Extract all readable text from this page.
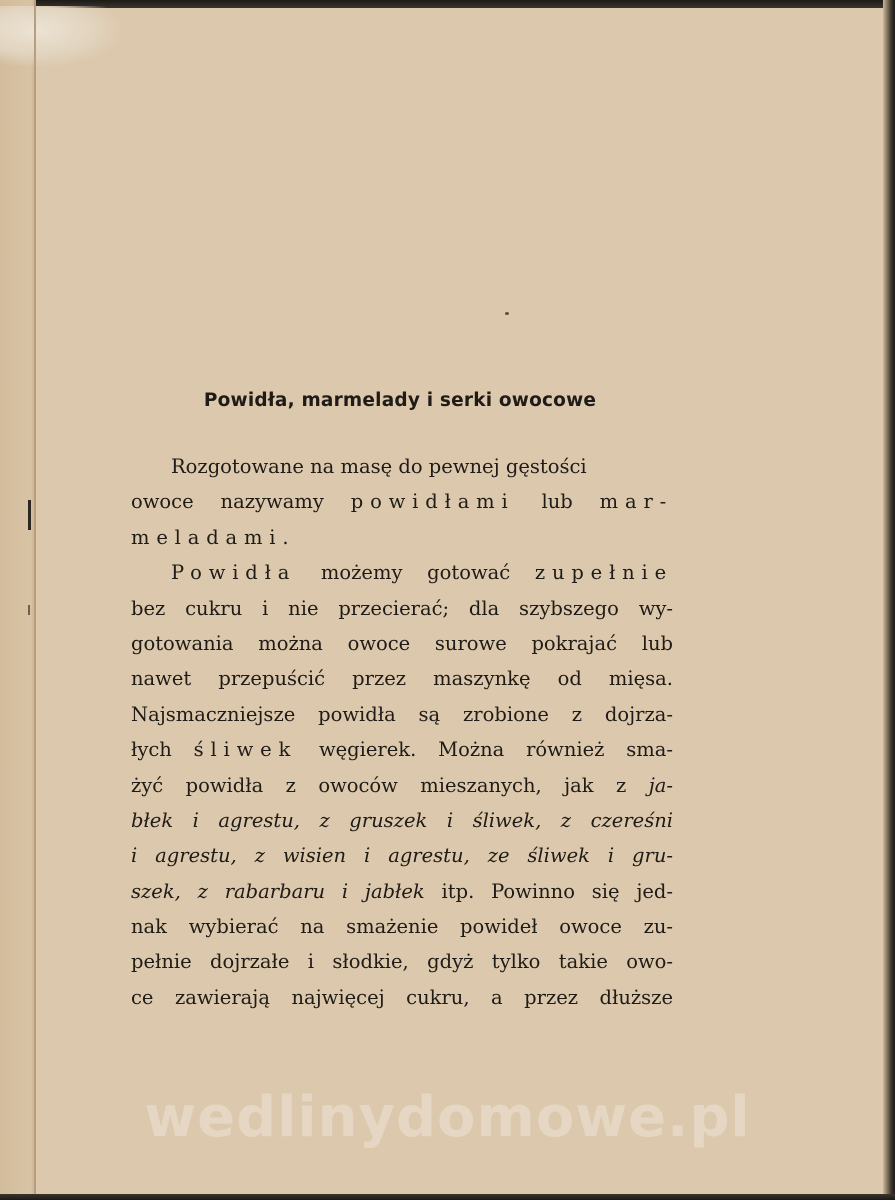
Powidła, marmelady i serki owocowe
Rozgotowane na masę do pewnej gęstości
owoce nazywamy powidłami lub mar-
meladami.
Powidła możemy gotować zupełnie
bez cukru i nie przecierać; dla szybszego wy-
gotowania można owoce surowe pokrajać lub
nawet przepuścić przez maszynkę od mięsa.
Najsmaczniejsze powidła są zrobione z dojrza-
łych śliwek węgierek. Można również sma-
żyć powidła z owoców mieszanych, jak z ja-
błek i agrestu, z gruszek i śliwek, z czereśni
i agrestu, z wisien i agrestu, ze śliwek i gru-
szek, z rabarbaru i jabłek itp. Powinno się jed-
nak wybierać na smażenie powideł owoce zu-
pełnie dojrzałe i słodkie, gdyż tylko takie owo-
ce zawierają najwięcej cukru, a przez dłuższe
wedlinydomowe.pl
